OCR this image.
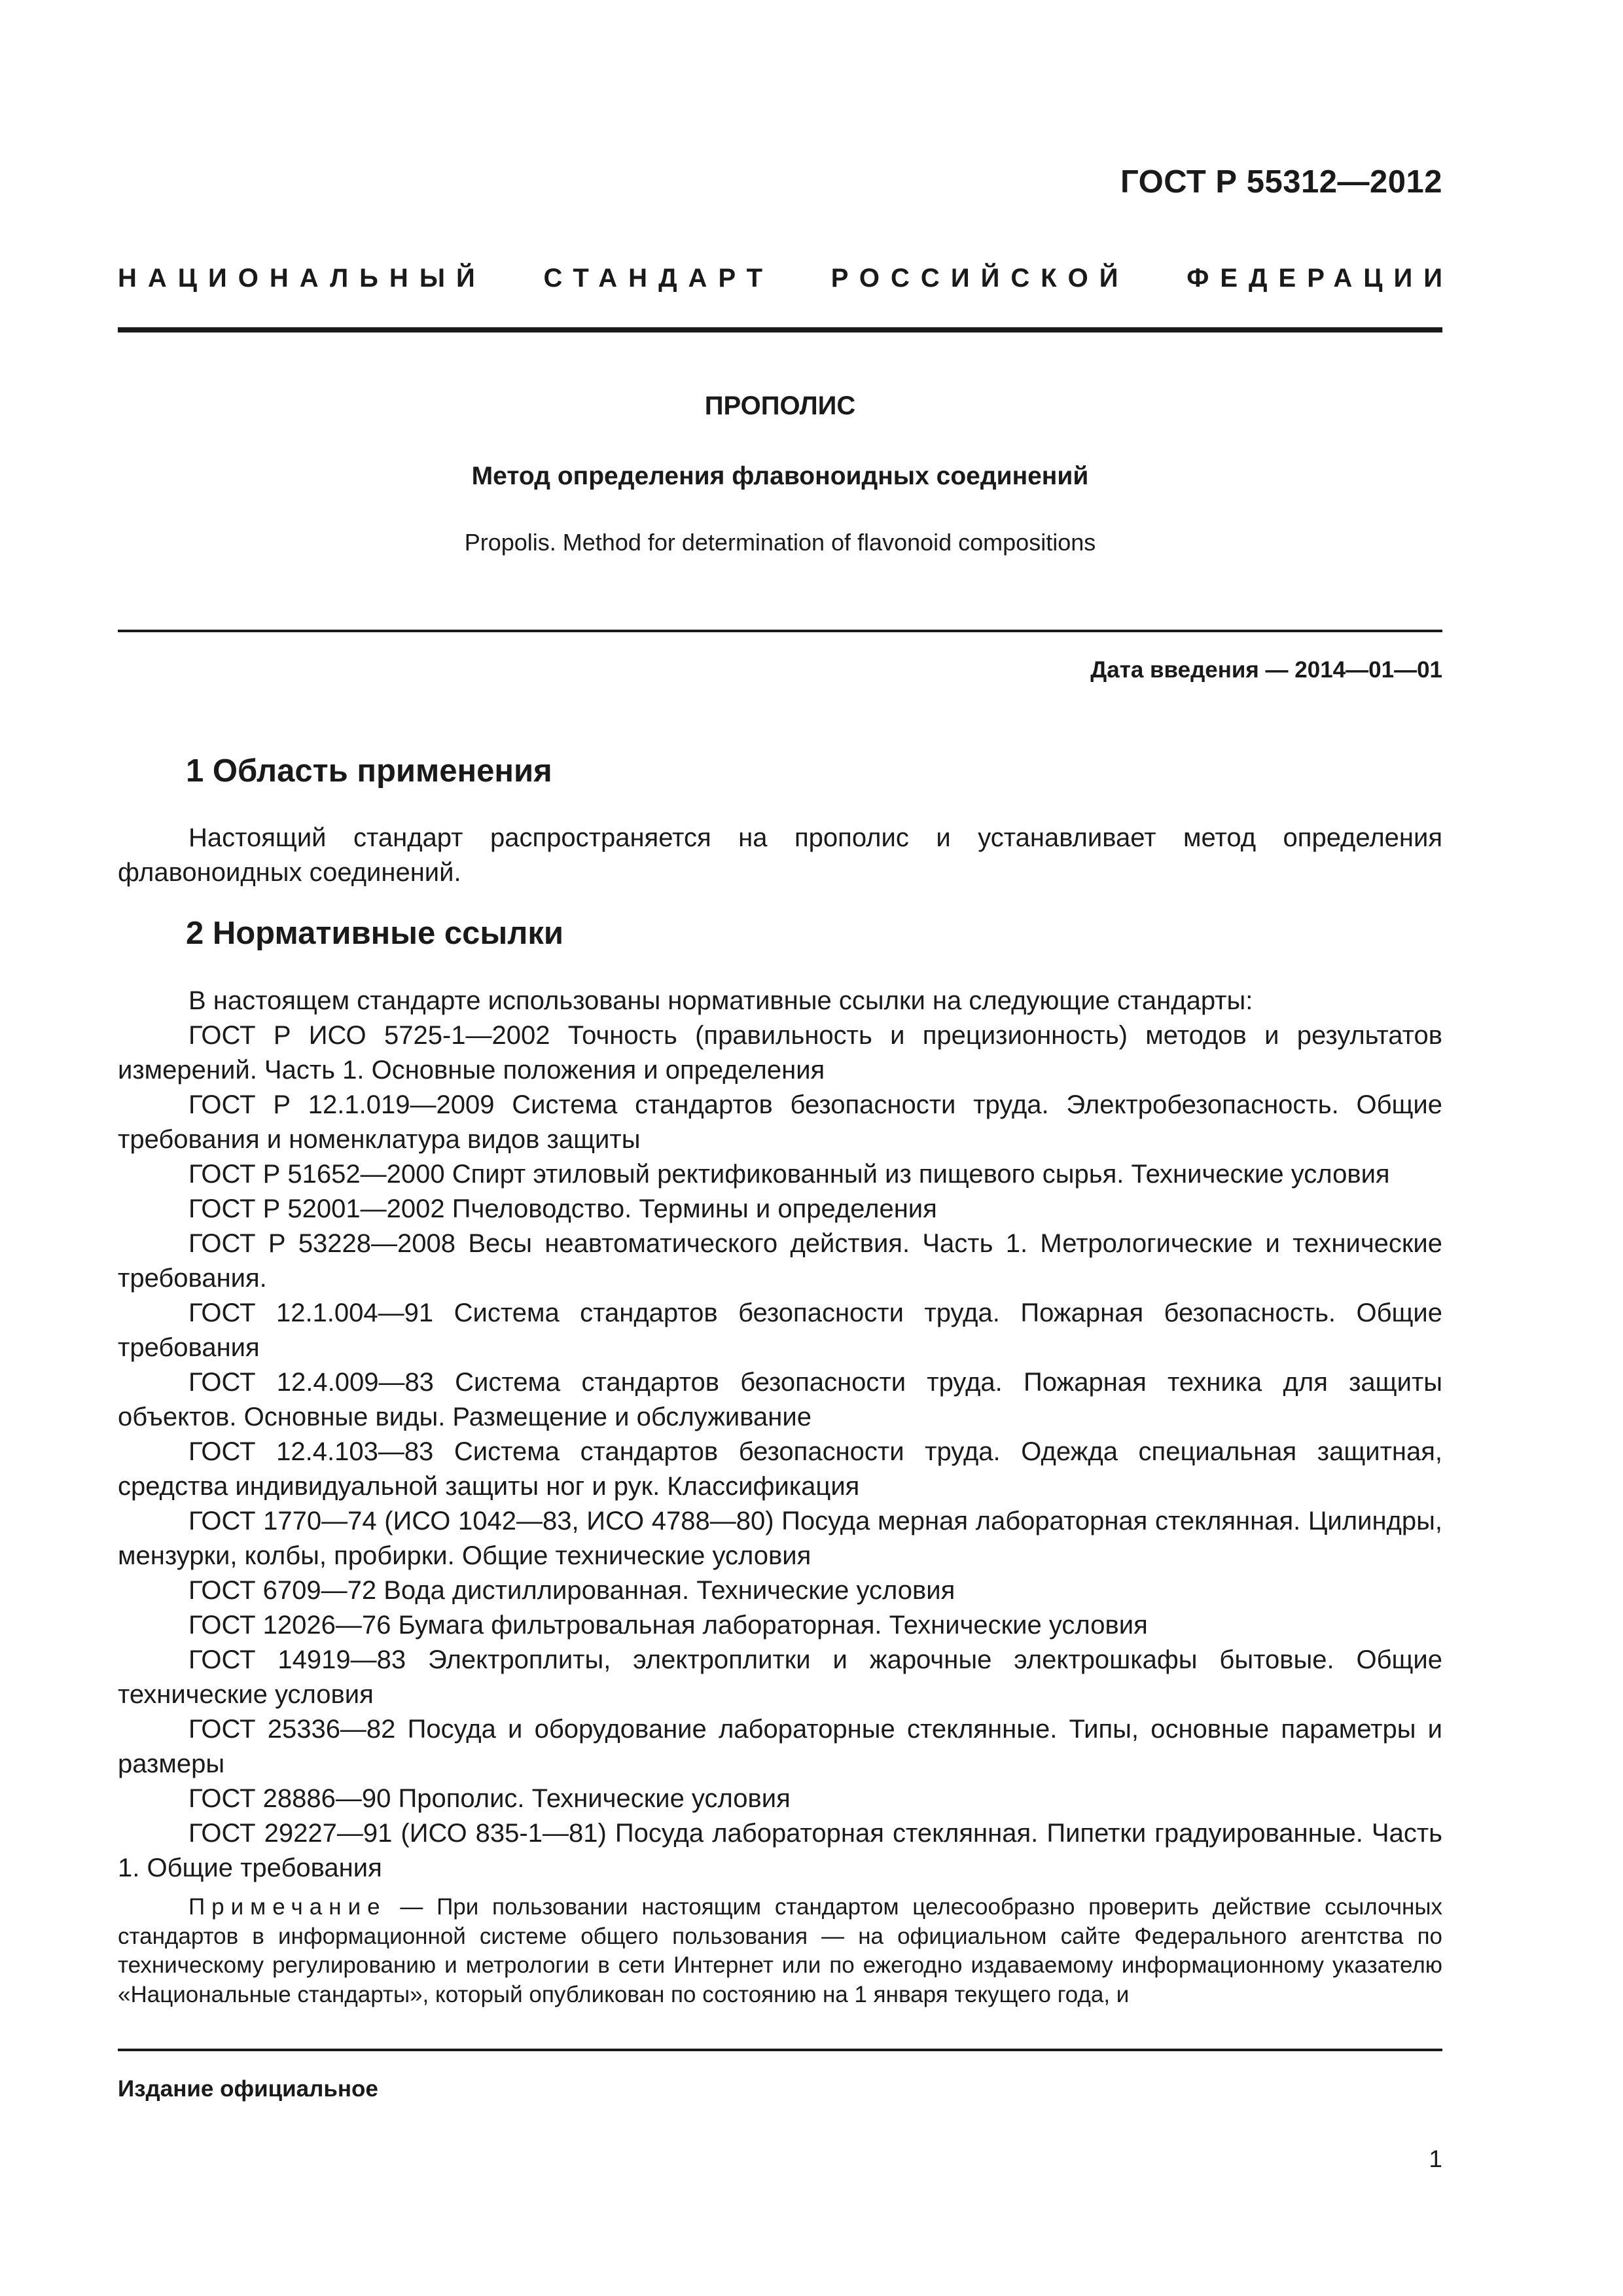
ГОСТ Р 55312—2012
НАЦИОНАЛЬНЫЙ СТАНДАРТ РОССИЙСКОЙ ФЕДЕРАЦИИ
ПРОПОЛИС
Метод определения флавоноидных соединений
Propolis. Method for determination of flavonoid compositions
Дата введения — 2014—01—01
1 Область применения

Настоящий стандарт распространяется на прополис и устанавливает метод определения флавоноидных соединений.

2 Нормативные ссылки

В настоящем стандарте использованы нормативные ссылки на следующие стандарты:

ГОСТ Р ИСО 5725-1—2002 Точность (правильность и прецизионность) методов и результатов измерений. Часть 1. Основные положения и определения

ГОСТ Р 12.1.019—2009 Система стандартов безопасности труда. Электробезопасность. Общие требования и номенклатура видов защиты

ГОСТ Р 51652—2000 Спирт этиловый ректификованный из пищевого сырья. Технические условия

ГОСТ Р 52001—2002 Пчеловодство. Термины и определения

ГОСТ Р 53228—2008 Весы неавтоматического действия. Часть 1. Метрологические и технические требования.

ГОСТ 12.1.004—91 Система стандартов безопасности труда. Пожарная безопасность. Общие требования

ГОСТ 12.4.009—83 Система стандартов безопасности труда. Пожарная техника для защиты объектов. Основные виды. Размещение и обслуживание

ГОСТ 12.4.103—83 Система стандартов безопасности труда. Одежда специальная защитная, средства индивидуальной защиты ног и рук. Классификация

ГОСТ 1770—74 (ИСО 1042—83, ИСО 4788—80) Посуда мерная лабораторная стеклянная. Цилиндры, мензурки, колбы, пробирки. Общие технические условия

ГОСТ 6709—72 Вода дистиллированная. Технические условия

ГОСТ 12026—76 Бумага фильтровальная лабораторная. Технические условия

ГОСТ 14919—83 Электроплиты, электроплитки и жарочные электрошкафы бытовые. Общие технические условия

ГОСТ 25336—82 Посуда и оборудование лабораторные стеклянные. Типы, основные параметры и размеры

ГОСТ 28886—90 Прополис. Технические условия

ГОСТ 29227—91 (ИСО 835-1—81) Посуда лабораторная стеклянная. Пипетки градуированные. Часть 1. Общие требования

Примечание — При пользовании настоящим стандартом целесообразно проверить действие ссылочных стандартов в информационной системе общего пользования — на официальном сайте Федерального агентства по техническому регулированию и метрологии в сети Интернет или по ежегодно издаваемому информационному указателю «Национальные стандарты», который опубликован по состоянию на 1 января текущего года, и
Издание официальное
1
